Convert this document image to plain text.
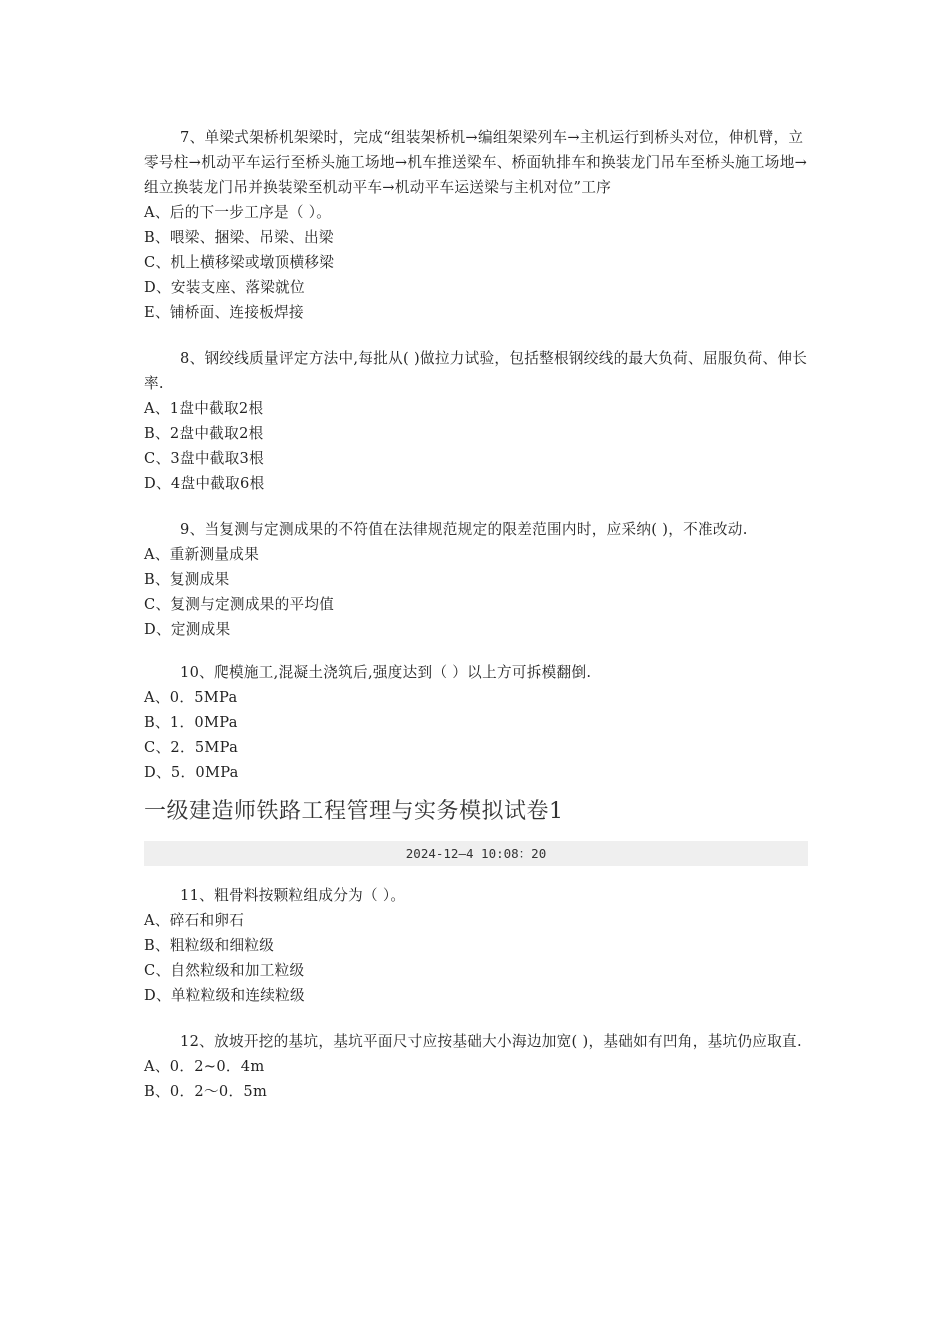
7、单梁式架桥机架梁时，完成“组装架桥机→编组架梁列车→主机运行到桥头对位，伸机臂，立零号柱→机动平车运行至桥头施工场地→机车推送梁车、桥面轨排车和换装龙门吊车至桥头施工场地→组立换装龙门吊并换装梁至机动平车→机动平车运送梁与主机对位”工序

A、后的下一步工序是（ ）。

B、喂梁、捆梁、吊梁、出梁

C、机上横移梁或墩顶横移梁

D、安装支座、落梁就位

E、铺桥面、连接板焊接

8、钢绞线质量评定方法中,每批从( )做拉力试验，包括整根钢绞线的最大负荷、屈服负荷、伸长率.

A、1盘中截取2根

B、2盘中截取2根

C、3盘中截取3根

D、4盘中截取6根

9、当复测与定测成果的不符值在法律规范规定的限差范围内时，应采纳( )，不准改动.

A、重新测量成果

B、复测成果

C、复测与定测成果的平均值

D、定测成果

10、爬模施工,混凝土浇筑后,强度达到（ ）以上方可拆模翻倒.

A、0．5MPa

B、1．0MPa

C、2．5MPa

D、5．0MPa

一级建造师铁路工程管理与实务模拟试卷1
2024-12—4 10:08：20

11、粗骨料按颗粒组成分为（ ）。

A、碎石和卵石

B、粗粒级和细粒级

C、自然粒级和加工粒级

D、单粒粒级和连续粒级

12、放坡开挖的基坑，基坑平面尺寸应按基础大小海边加宽( )，基础如有凹角，基坑仍应取直.

A、0．2~0．4m

B、0．2～0．5m
